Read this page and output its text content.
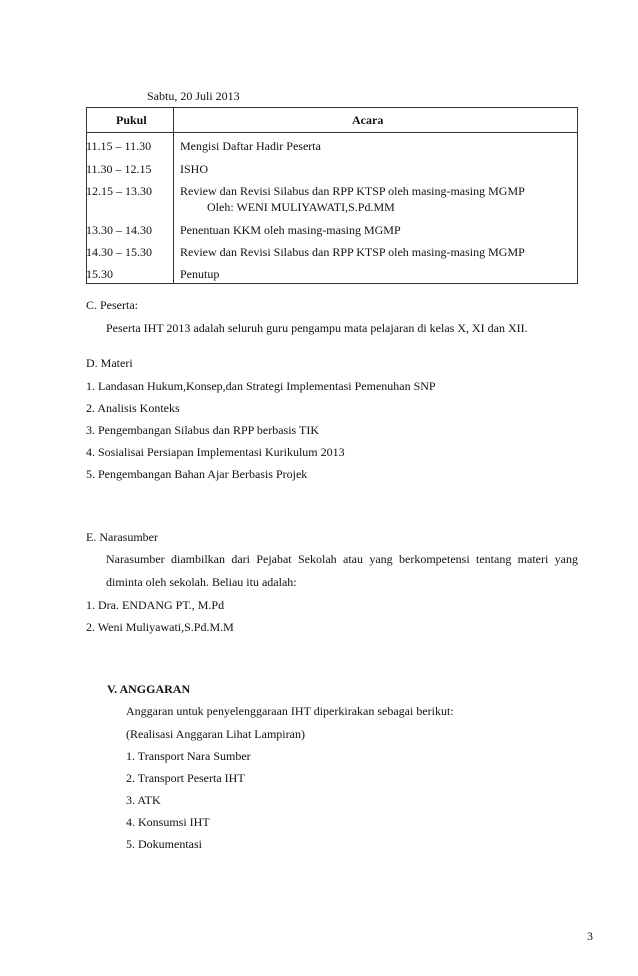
Sabtu, 20 Juli 2013
Pukul	Acara
11.15 – 11.30 Mengisi Daftar Hadir Peserta
11.30 – 12.15 ISHO
12.15 – 13.30 Review dan Revisi Silabus dan RPP KTSP oleh masing-masing MGMP
Oleh: WENI MULIYAWATI,S.Pd.MM
13.30 – 14.30 Penentuan KKM oleh masing-masing MGMP
14.30 – 15.30 Review dan Revisi Silabus dan RPP KTSP oleh masing-masing MGMP
15.30	Penutup
C. Peserta:
Peserta IHT 2013 adalah seluruh guru pengampu mata pelajaran di kelas X, XI dan XII.
D. Materi
1. Landasan Hukum,Konsep,dan Strategi Implementasi Pemenuhan SNP
2. Analisis Konteks
3. Pengembangan Silabus dan RPP berbasis TIK
4. Sosialisai Persiapan Implementasi Kurikulum 2013
5. Pengembangan Bahan Ajar Berbasis Projek
E. Narasumber
Narasumber diambilkan dari Pejabat Sekolah atau yang berkompetensi tentang materi yang
diminta oleh sekolah. Beliau itu adalah:
1. Dra. ENDANG PT., M.Pd
2. Weni Muliyawati,S.Pd.M.M
V. ANGGARAN
Anggaran untuk penyelenggaraan IHT diperkirakan sebagai berikut:
(Realisasi Anggaran Lihat Lampiran)
1. Transport Nara Sumber
2. Transport Peserta IHT
3. ATK
4. Konsumsi IHT
5. Dokumentasi
3
